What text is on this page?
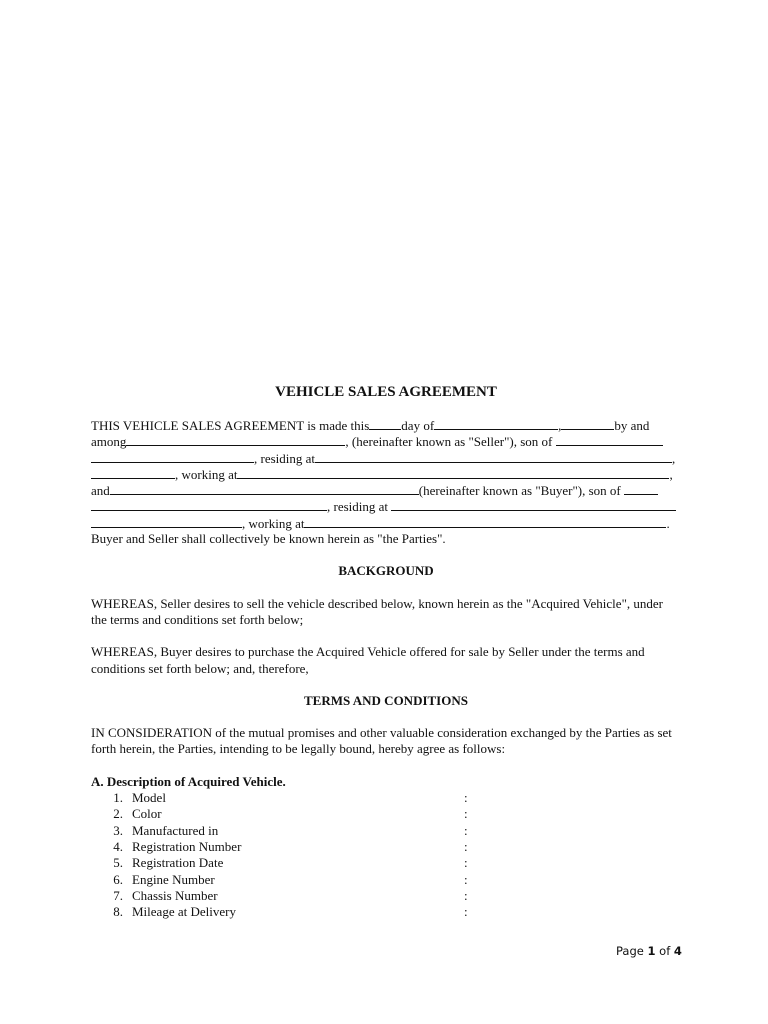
VEHICLE SALES AGREEMENT
THIS VEHICLE SALES AGREEMENT is made this day of	,	by and
among	, (hereinafter known as "Seller"), son of
, residing at	,
, working at	,
and	(hereinafter known as "Buyer"), son of
, residing at
, working at	.
Buyer and Seller shall collectively be known herein as "the Parties".
BACKGROUND
WHEREAS, Seller desires to sell the vehicle described below, known herein as the "Acquired Vehicle", under the terms and conditions set forth below;
WHEREAS, Buyer desires to purchase the Acquired Vehicle offered for sale by Seller under the terms and conditions set forth below; and, therefore,
TERMS AND CONDITIONS
IN CONSIDERATION of the mutual promises and other valuable consideration exchanged by the Parties as set forth herein, the Parties, intending to be legally bound, hereby agree as follows:
A. Description of Acquired Vehicle.
1. Model	:
2. Color	:
3. Manufactured in	:
4. Registration Number	:
5. Registration Date	:
6. Engine Number	:
7. Chassis Number	:
8. Mileage at Delivery	:
Page 1 of 4
